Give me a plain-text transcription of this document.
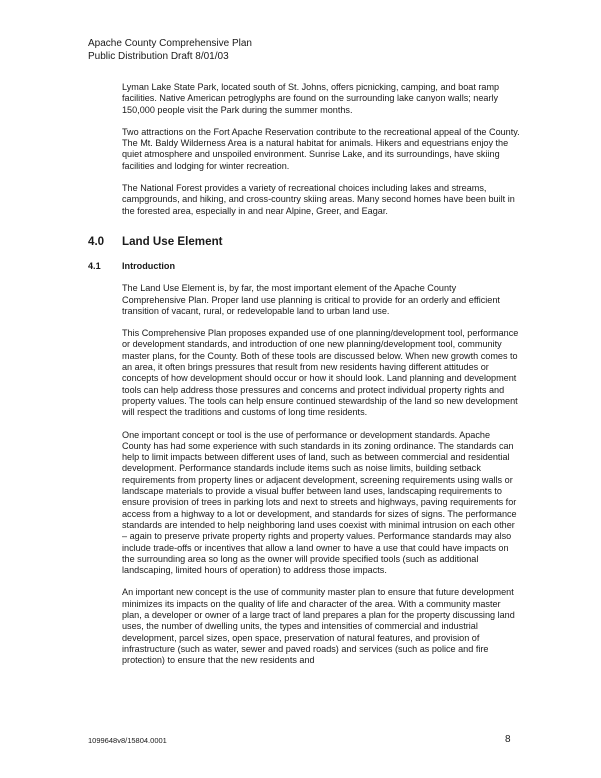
Apache County Comprehensive Plan
Public Distribution Draft 8/01/03

Lyman Lake State Park, located south of St. Johns, offers picnicking, camping, and boat ramp facilities. Native American petroglyphs are found on the surrounding lake canyon walls; nearly 150,000 people visit the Park during the summer months.

Two attractions on the Fort Apache Reservation contribute to the recreational appeal of the County. The Mt. Baldy Wilderness Area is a natural habitat for animals. Hikers and equestrians enjoy the quiet atmosphere and unspoiled environment. Sunrise Lake, and its surroundings, have skiing facilities and lodging for winter recreation.

The National Forest provides a variety of recreational choices including lakes and streams, campgrounds, and hiking, and cross-country skiing areas. Many second homes have been built in the forested area, especially in and near Alpine, Greer, and Eagar.

4.0 Land Use Element
4.1 Introduction

The Land Use Element is, by far, the most important element of the Apache County Comprehensive Plan. Proper land use planning is critical to provide for an orderly and efficient transition of vacant, rural, or redevelopable land to urban land use.

This Comprehensive Plan proposes expanded use of one planning/development tool, performance or development standards, and introduction of one new planning/development tool, community master plans, for the County. Both of these tools are discussed below. When new growth comes to an area, it often brings pressures that result from new residents having different attitudes or concepts of how development should occur or how it should look. Land planning and development tools can help address those pressures and concerns and protect individual property rights and property values. The tools can help ensure continued stewardship of the land so new development will respect the traditions and customs of long time residents.

One important concept or tool is the use of performance or development standards. Apache County has had some experience with such standards in its zoning ordinance. The standards can help to limit impacts between different uses of land, such as between commercial and residential development. Performance standards include items such as noise limits, building setback requirements from property lines or adjacent development, screening requirements using walls or landscape materials to provide a visual buffer between land uses, landscaping requirements to ensure provision of trees in parking lots and next to streets and highways, paving requirements for access from a highway to a lot or development, and standards for sizes of signs. The performance standards are intended to help neighboring land uses coexist with minimal intrusion on each other – again to preserve private property rights and property values. Performance standards may also include trade-offs or incentives that allow a land owner to have a use that could have impacts on the surrounding area so long as the owner will provide specified tools (such as additional landscaping, limited hours of operation) to address those impacts.

An important new concept is the use of community master plan to ensure that future development minimizes its impacts on the quality of life and character of the area. With a community master plan, a developer or owner of a large tract of land prepares a plan for the property discussing land uses, the number of dwelling units, the types and intensities of commercial and industrial development, parcel sizes, open space, preservation of natural features, and provision of infrastructure (such as water, sewer and paved roads) and services (such as police and fire protection) to ensure that the new residents and

1099648v8/15804.0001	8
